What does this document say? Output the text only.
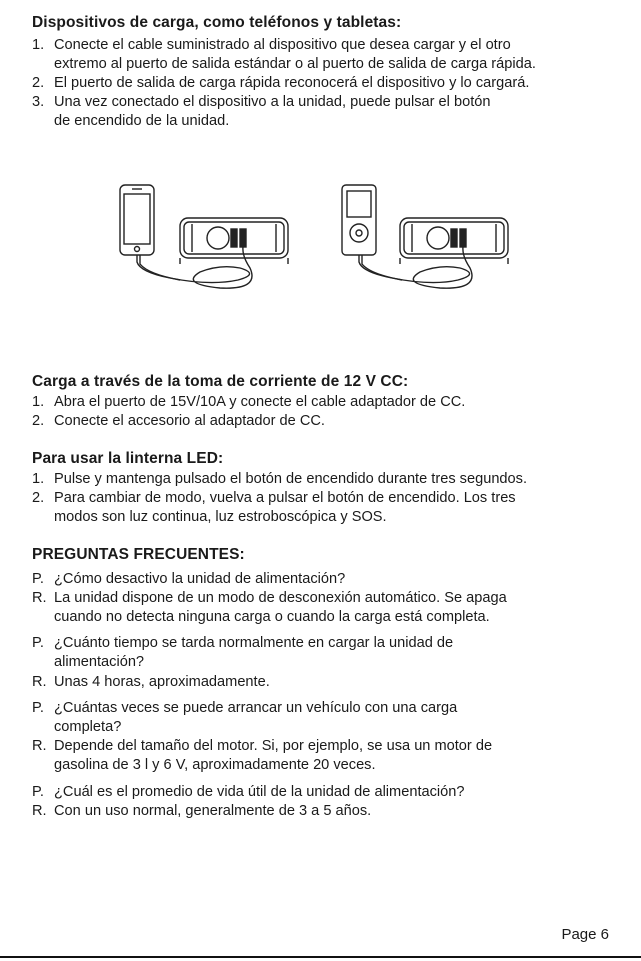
Dispositivos de carga, como teléfonos y tabletas:
1. Conecte el cable suministrado al dispositivo que desea cargar y el otro
extremo al puerto de salida estándar o al puerto de salida de carga rápida.
2. El puerto de salida de carga rápida reconocerá el dispositivo y lo cargará.
3. Una vez conectado el dispositivo a la unidad, puede pulsar el botón
de encendido de la unidad.
Carga a través de la toma de corriente de 12 V CC:
1. Abra el puerto de 15V/10A y conecte el cable adaptador de CC.
2. Conecte el accesorio al adaptador de CC.
Para usar la linterna LED:
1. Pulse y mantenga pulsado el botón de encendido durante tres segundos.
2. Para cambiar de modo, vuelva a pulsar el botón de encendido. Los tres
modos son luz continua, luz estroboscópica y SOS.
PREGUNTAS FRECUENTES:
P. ¿Cómo desactivo la unidad de alimentación?
R. La unidad dispone de un modo de desconexión automático. Se apaga
cuando no detecta ninguna carga o cuando la carga está completa.
P. ¿Cuánto tiempo se tarda normalmente en cargar la unidad de
alimentación?
R. Unas 4 horas, aproximadamente.
P. ¿Cuántas veces se puede arrancar un vehículo con una carga
completa?
R. Depende del tamaño del motor. Si, por ejemplo, se usa un motor de
gasolina de 3 l y 6 V, aproximadamente 20 veces.
P. ¿Cuál es el promedio de vida útil de la unidad de alimentación?
R. Con un uso normal, generalmente de 3 a 5 años.
Page 6
